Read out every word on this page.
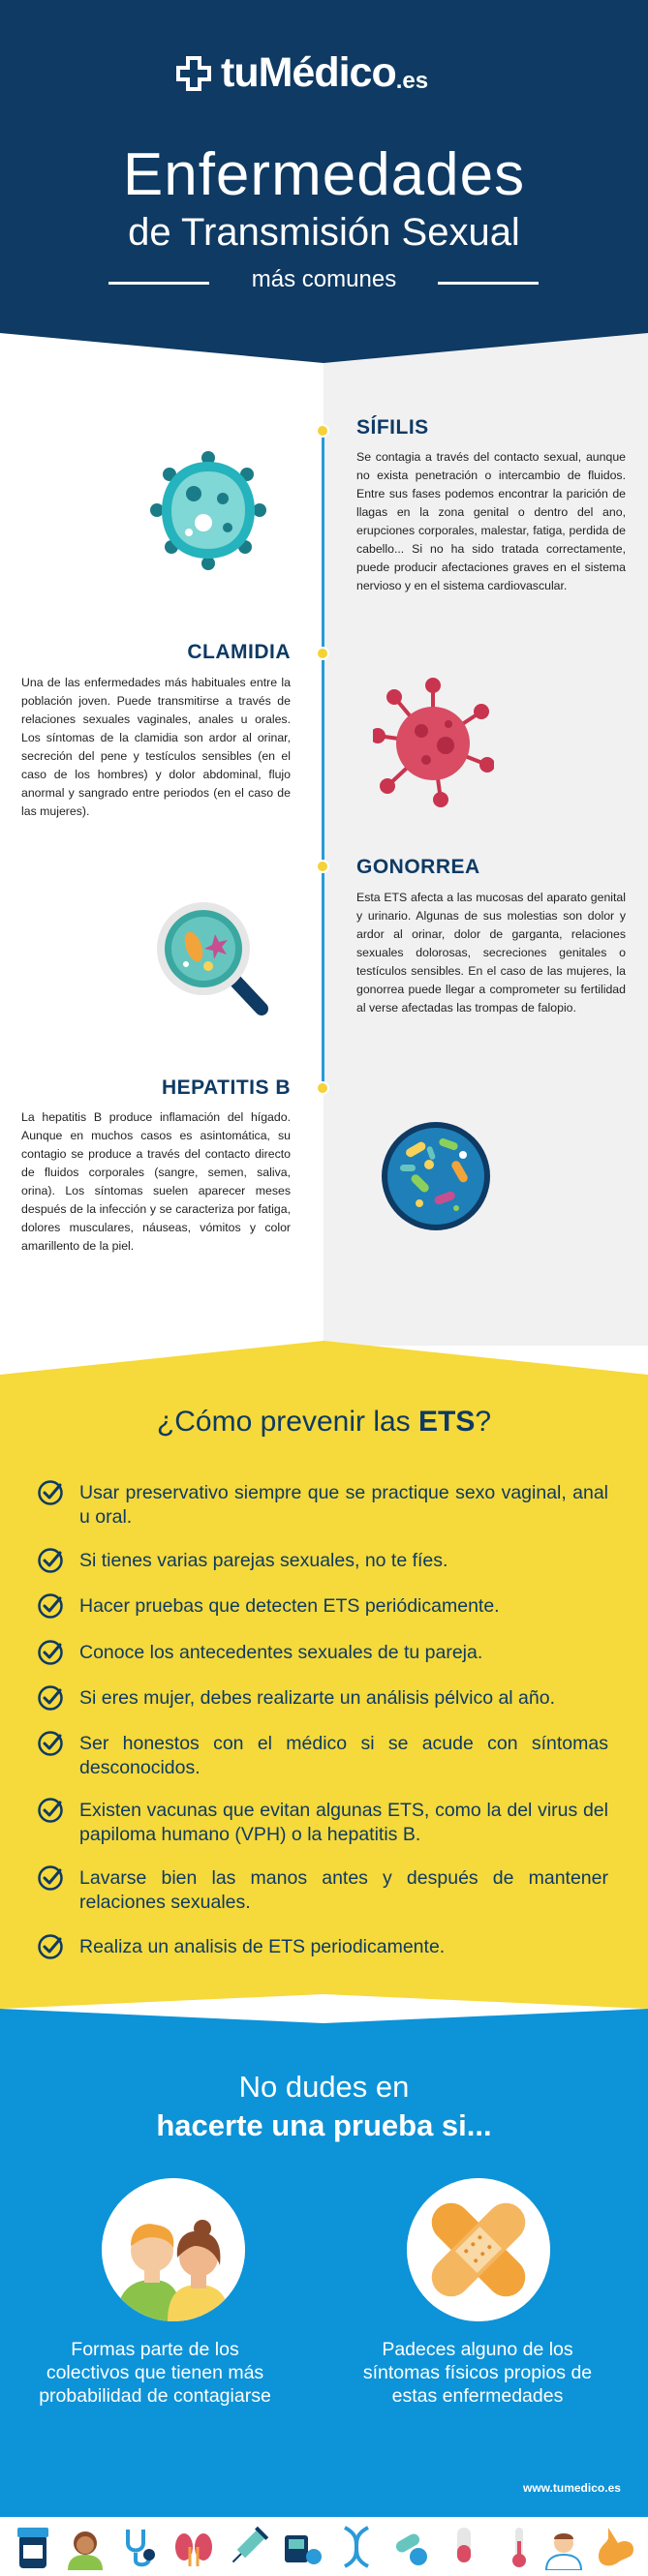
tuMédico .es
Enfermedades
de Transmisión Sexual
más comunes
SÍFILIS
Se contagia a través del contacto sexual, aunque no exista penetración o intercambio de fluidos. Entre sus fases podemos encontrar la parición de llagas en la zona genital o dentro del ano, erupciones corporales, malestar, fatiga, perdida de cabello... Si no ha sido tratada correctamente, puede producir afectaciones graves en el sistema nervioso y en el sistema cardiovascular.
CLAMIDIA
Una de las enfermedades más habituales entre la población joven. Puede transmitirse a través de relaciones sexuales vaginales, anales u orales. Los síntomas de la clamidia son ardor al orinar, secreción del pene y testículos sensibles (en el caso de los hombres) y dolor abdominal, flujo anormal y sangrado entre periodos (en el caso de las mujeres).
GONORREA
Esta ETS afecta a las mucosas del aparato genital y urinario. Algunas de sus molestias son dolor y ardor al orinar, dolor de garganta, relaciones sexuales dolorosas, secreciones genitales o testículos sensibles. En el caso de las mujeres, la gonorrea puede llegar a comprometer su fertilidad al verse afectadas las trompas de falopio.
HEPATITIS B
La hepatitis B produce inflamación del hígado. Aunque en muchos casos es asintomática, su contagio se produce a través del contacto directo de fluidos corporales (sangre, semen, saliva, orina). Los síntomas suelen aparecer meses después de la infección y se caracteriza por fatiga, dolores musculares, náuseas, vómitos y color amarillento de la piel.
¿Cómo prevenir las ETS?
Usar preservativo siempre que se practique sexo vaginal, anal u oral.
Si tienes varias parejas sexuales, no te fíes.
Hacer pruebas que detecten ETS periódicamente.
Conoce los antecedentes sexuales de tu pareja.
Si eres mujer, debes realizarte un análisis pélvico al año.
Ser honestos con el médico si se acude con síntomas desconocidos.
Existen vacunas que evitan algunas ETS, como la del virus del papiloma humano (VPH) o la hepatitis B.
Lavarse bien las manos antes y después de mantener relaciones sexuales.
Realiza un analisis de ETS periodicamente.
No dudes en
hacerte una prueba si...
Formas parte de los colectivos que tienen más probabilidad de contagiarse
Padeces alguno de los síntomas físicos propios de estas enfermedades
www.tumedico.es
